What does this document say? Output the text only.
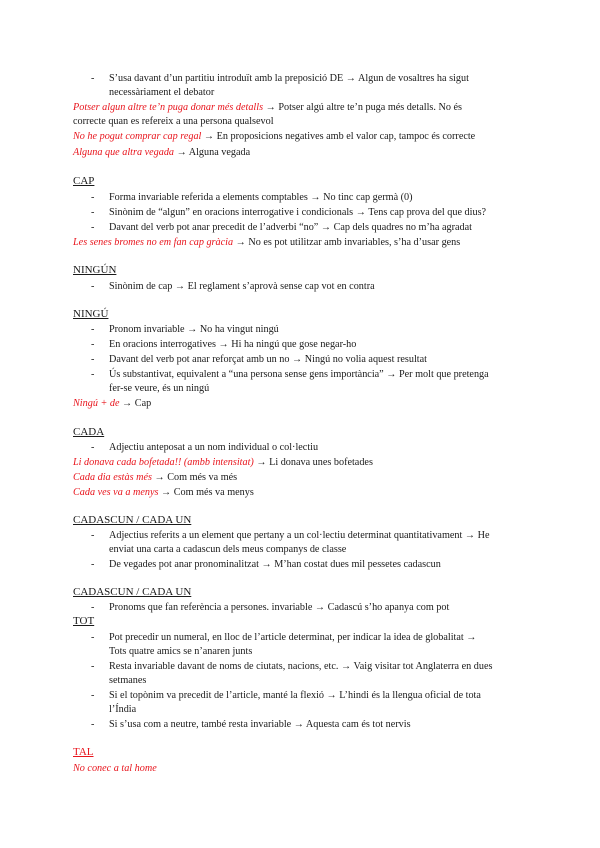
- S’usa davant d’un partitiu introduït amb la preposició DE → Algun de vosaltres ha sigut
necessàriament el debator
Potser algun altre te’n puga donar més detalls → Potser algú altre te’n puga més detalls. No és
correcte quan es refereix a una persona qualsevol
No he pogut comprar cap regal → En proposicions negatives amb el valor cap, tampoc és correcte
Alguna que altra vegada → Alguna vegada
CAP
- Forma invariable referida a elements comptables → No tinc cap germà (0)
- Sinònim de “algun” en oracions interrogative i condicionals → Tens cap prova del que dius?
- Davant del verb pot anar precedit de l’adverbi “no” → Cap dels quadres no m’ha agradat
Les senes bromes no em fan cap gràcia → No es pot utilitzar amb invariables, s’ha d’usar gens
NINGÚN
- Sinònim de cap → El reglament s’aprovà sense cap vot en contra
NINGÚ
- Pronom invariable → No ha vingut ningú
- En oracions interrogatives → Hi ha ningú que gose negar-ho
- Davant del verb pot anar reforçat amb un no → Ningú no volia aquest resultat
- Ús substantivat, equivalent a “una persona sense gens importància” → Per molt que pretenga
fer-se veure, és un ningú
Ningú + de → Cap
CADA
- Adjectiu anteposat a un nom individual o col·lectiu
Li donava cada bofetada!! (ambb intensitat) → Li donava unes bofetades
Cada dia estàs més → Com més va més
Cada ves va a menys → Com més va menys
CADASCUN / CADA UN
- Adjectius referits a un element que pertany a un col·lectiu determinat quantitativament → He
enviat una carta a cadascun dels meus companys de classe
- De vegades pot anar pronominalitzat → M’han costat dues mil pessetes cadascun
CADASCUN / CADA UN
- Pronoms que fan referència a persones. invariable → Cadascú s’ho apanya com pot
TOT
- Pot precedir un numeral, en lloc de l’article determinat, per indicar la idea de globalitat →
Tots quatre amics se n’anaren junts
- Resta invariable davant de noms de ciutats, nacions, etc. → Vaig visitar tot Anglaterra en dues
setmanes
- Si el topònim va precedit de l’article, manté la flexió → L’hindi és la llengua oficial de tota
l’Índia
- Si s’usa com a neutre, també resta invariable → Aquesta cam és tot nervis
TAL
No conec a tal home
